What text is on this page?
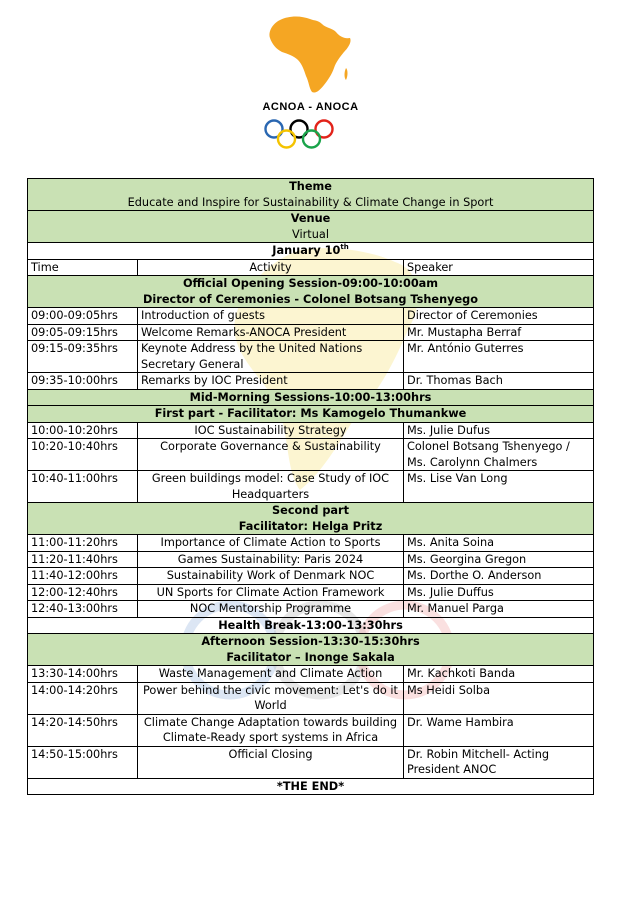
ACNOA - ANOCA
Theme
Educate and Inspire for Sustainability & Climate Change in Sport		

Venue
Virtual		

January 10th
Time	Activity	Speaker

Official Opening Session-09:00-10:00am
Director of Ceremonies - Colonel Botsang Tshenyego		

09:00-09:05hrs	Introduction of guests	Director of Ceremonies
09:05-09:15hrs	Welcome Remarks-ANOCA President	Mr. Mustapha Berraf
09:15-09:35hrs	Keynote Address by the United Nations Secretary General	Mr. António Guterres
09:35-10:00hrs	Remarks by IOC President	Dr. Thomas Bach
Mid-Morning Sessions-10:00-13:00hrs		
First part - Facilitator: Ms Kamogelo Thumankwe		
10:00-10:20hrs	IOC Sustainability Strategy	Ms. Julie Dufus
10:20-10:40hrs	Corporate Governance & Sustainability	Colonel Botsang Tshenyego / Ms. Carolynn Chalmers
10:40-11:00hrs	Green buildings model: Case Study of IOC Headquarters	Ms. Lise Van Long

Second part
Facilitator: Helga Pritz		

11:00-11:20hrs	Importance of Climate Action to Sports	Ms. Anita Soina
11:20-11:40hrs	Games Sustainability: Paris 2024	Ms. Georgina Gregon
11:40-12:00hrs	Sustainability Work of Denmark NOC	Ms. Dorthe O. Anderson
12:00-12:40hrs	UN Sports for Climate Action Framework	Ms. Julie Duffus
12:40-13:00hrs	NOC Mentorship Programme	Mr. Manuel Parga
Health Break-13:00-13:30hrs		

Afternoon Session-13:30-15:30hrs
Facilitator – Inonge Sakala		

13:30-14:00hrs	Waste Management and Climate Action	Mr. Kachkoti Banda
14:00-14:20hrs	Power behind the civic movement: Let's do it World	Ms Heidi Solba
14:20-14:50hrs	Climate Change Adaptation towards building Climate-Ready sport systems in Africa	Dr. Wame Hambira
14:50-15:00hrs	Official Closing	Dr. Robin Mitchell- Acting President ANOC
*THE END*		
